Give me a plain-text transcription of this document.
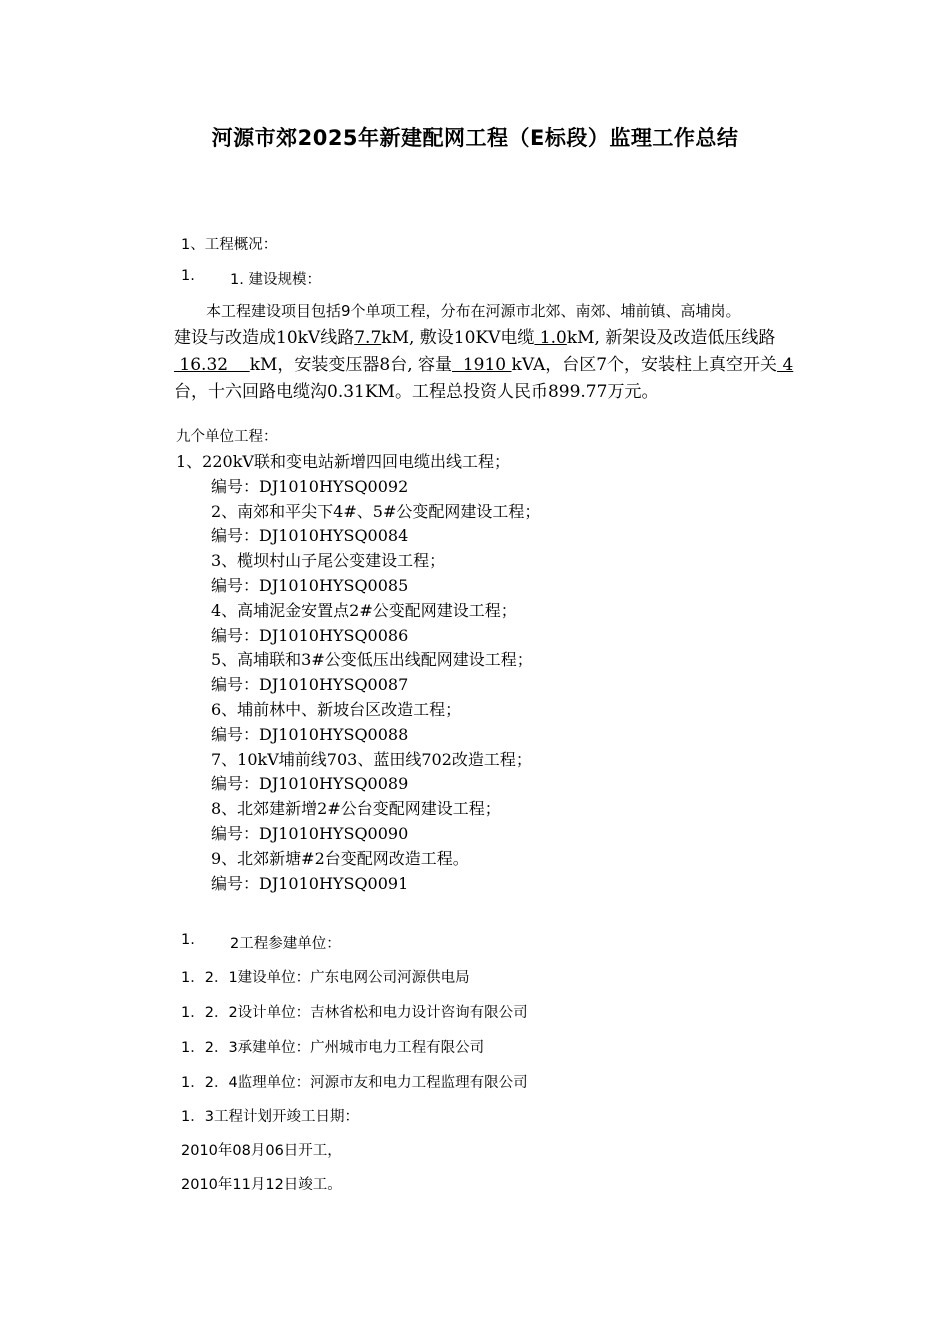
河源市郊2025年新建配网工程（E标段）监理工作总结
1、工程概况：
1. 1. 建设规模：
本工程建设项目包括9个单项工程，分布在河源市北郊、南郊、埔前镇、高埔岗。
建设与改造成10kV线路7.7kM, 敷设10KV电缆 1.0kM, 新架设及改造低压线路 16.32    kM，安装变压器8台, 容量  1910 kVA，台区7个，安装柱上真空开关 4台，十六回路电缆沟0.31KM。工程总投资人民币899.77万元。
九个单位工程：
1、220kV联和变电站新增四回电缆出线工程；
编号：DJ1010HYSQ0092
2、南郊和平尖下4#、5#公变配网建设工程；
编号：DJ1010HYSQ0084
3、榄坝村山子尾公变建设工程；
编号：DJ1010HYSQ0085
4、高埔泥金安置点2#公变配网建设工程；
编号：DJ1010HYSQ0086
5、高埔联和3#公变低压出线配网建设工程；
编号：DJ1010HYSQ0087
6、埔前林中、新坡台区改造工程；
编号：DJ1010HYSQ0088
7、10kV埔前线703、蓝田线702改造工程；
编号：DJ1010HYSQ0089
8、北郊建新增2#公台变配网建设工程；
编号：DJ1010HYSQ0090
9、北郊新塘#2台变配网改造工程。
编号：DJ1010HYSQ0091
1. 2工程参建单位：
1．2．1建设单位：广东电网公司河源供电局
1．2．2设计单位：吉林省松和电力设计咨询有限公司
1．2．3承建单位：广州城市电力工程有限公司
1．2．4监理单位：河源市友和电力工程监理有限公司
1．3工程计划开竣工日期：
2010年08月06日开工，
2010年11月12日竣工。
